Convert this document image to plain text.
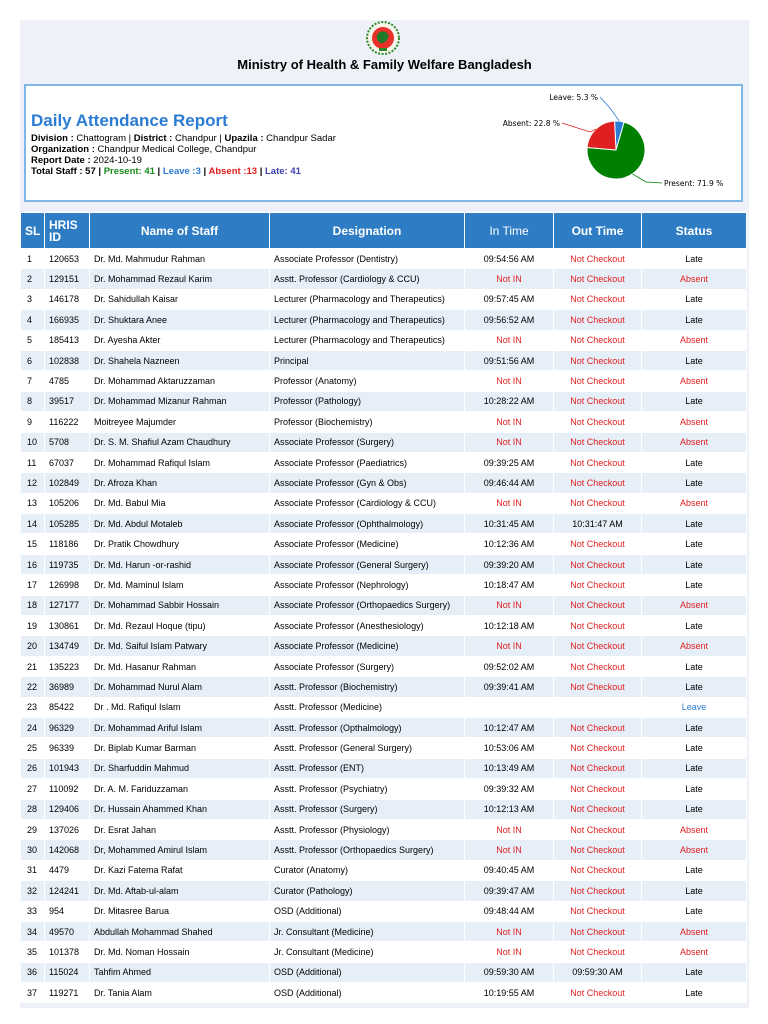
Ministry of Health & Family Welfare Bangladesh
Daily Attendance Report
Division : Chattogram | District : Chandpur | Upazila : Chandpur Sadar
Organization : Chandpur Medical College, Chandpur
Report Date : 2024-10-19
Total Staff : 57 | Present: 41 | Leave :3 | Absent :13 | Late: 41
Leave: 5.3 %
Present: 71.9 %
Absent: 22.8 %
SL	HRIS ID	Name of Staff	Designation	In Time	Out Time	Status
1	120653	Dr. Md. Mahmudur Rahman	Associate Professor (Dentistry)	09:54:56 AM	Not Checkout	Late
2	129151	Dr. Mohammad Rezaul Karim	Asstt. Professor (Cardiology & CCU)	Not IN	Not Checkout	Absent
3	146178	Dr. Sahidullah Kaisar	Lecturer (Pharmacology and Therapeutics)	09:57:45 AM	Not Checkout	Late
4	166935	Dr. Shuktara Anee	Lecturer (Pharmacology and Therapeutics)	09:56:52 AM	Not Checkout	Late
5	185413	Dr. Ayesha Akter	Lecturer (Pharmacology and Therapeutics)	Not IN	Not Checkout	Absent
6	102838	Dr. Shahela Nazneen	Principal	09:51:56 AM	Not Checkout	Late
7	4785	Dr. Mohammad Aktaruzzaman	Professor (Anatomy)	Not IN	Not Checkout	Absent
8	39517	Dr. Mohammad Mizanur Rahman	Professor (Pathology)	10:28:22 AM	Not Checkout	Late
9	116222	Moitreyee Majumder	Professor (Biochemistry)	Not IN	Not Checkout	Absent
10	5708	Dr. S. M. Shafiul Azam Chaudhury	Associate Professor (Surgery)	Not IN	Not Checkout	Absent
11	67037	Dr. Mohammad Rafiqul Islam	Associate Professor (Paediatrics)	09:39:25 AM	Not Checkout	Late
12	102849	Dr. Afroza Khan	Associate Professor (Gyn & Obs)	09:46:44 AM	Not Checkout	Late
13	105206	Dr. Md. Babul Mia	Associate Professor (Cardiology & CCU)	Not IN	Not Checkout	Absent
14	105285	Dr. Md. Abdul Motaleb	Associate Professor (Ophthalmology)	10:31:45 AM	10:31:47 AM	Late
15	118186	Dr. Pratik Chowdhury	Associate Professor (Medicine)	10:12:36 AM	Not Checkout	Late
16	119735	Dr. Md. Harun -or-rashid	Associate Professor (General Surgery)	09:39:20 AM	Not Checkout	Late
17	126998	Dr. Md. Maminul Islam	Associate Professor (Nephrology)	10:18:47 AM	Not Checkout	Late
18	127177	Dr. Mohammad Sabbir Hossain	Associate Professor (Orthopaedics Surgery)	Not IN	Not Checkout	Absent
19	130861	Dr. Md. Rezaul Hoque (tipu)	Associate Professor (Anesthesiology)	10:12:18 AM	Not Checkout	Late
20	134749	Dr. Md. Saiful Islam Patwary	Associate Professor (Medicine)	Not IN	Not Checkout	Absent
21	135223	Dr. Md. Hasanur Rahman	Associate Professor (Surgery)	09:52:02 AM	Not Checkout	Late
22	36989	Dr. Mohammad Nurul Alam	Asstt. Professor (Biochemistry)	09:39:41 AM	Not Checkout	Late
23	85422	Dr . Md. Rafiqul Islam	Asstt. Professor (Medicine)			Leave
24	96329	Dr. Mohammad Ariful Islam	Asstt. Professor (Opthalmology)	10:12:47 AM	Not Checkout	Late
25	96339	Dr. Biplab Kumar Barman	Asstt. Professor (General Surgery)	10:53:06 AM	Not Checkout	Late
26	101943	Dr. Sharfuddin Mahmud	Asstt. Professor (ENT)	10:13:49 AM	Not Checkout	Late
27	110092	Dr. A. M. Fariduzzaman	Asstt. Professor (Psychiatry)	09:39:32 AM	Not Checkout	Late
28	129406	Dr. Hussain Ahammed Khan	Asstt. Professor (Surgery)	10:12:13 AM	Not Checkout	Late
29	137026	Dr. Esrat Jahan	Asstt. Professor (Physiology)	Not IN	Not Checkout	Absent
30	142068	Dr, Mohammed Amirul Islam	Asstt. Professor (Orthopaedics Surgery)	Not IN	Not Checkout	Absent
31	4479	Dr. Kazi Fatema Rafat	Curator (Anatomy)	09:40:45 AM	Not Checkout	Late
32	124241	Dr. Md. Aftab-ul-alam	Curator (Pathology)	09:39:47 AM	Not Checkout	Late
33	954	Dr. Mitasree Barua	OSD (Additional)	09:48:44 AM	Not Checkout	Late
34	49570	Abdullah Mohammad Shahed	Jr. Consultant (Medicine)	Not IN	Not Checkout	Absent
35	101378	Dr. Md. Noman Hossain	Jr. Consultant (Medicine)	Not IN	Not Checkout	Absent
36	115024	Tahfim Ahmed	OSD (Additional)	09:59:30 AM	09:59:30 AM	Late
37	119271	Dr. Tania Alam	OSD (Additional)	10:19:55 AM	Not Checkout	Late
